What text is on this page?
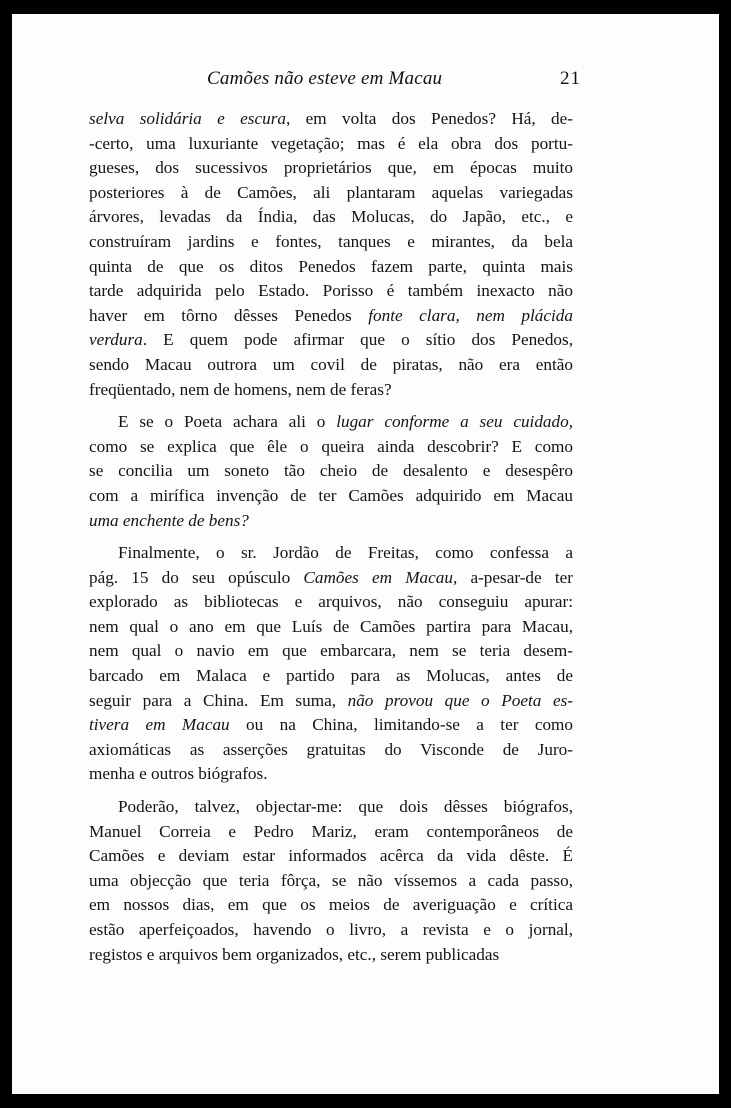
Camões não esteve em Macau	21
selva solidária e escura, em volta dos Penedos? Há, de-
-certo, uma luxuriante vegetação; mas é ela obra dos portu-
gueses, dos sucessivos proprietários que, em épocas muito
posteriores à de Camões, ali plantaram aquelas variegadas
árvores, levadas da Índia, das Molucas, do Japão, etc., e
construíram jardins e fontes, tanques e mirantes, da bela
quinta de que os ditos Penedos fazem parte, quinta mais
tarde adquirida pelo Estado. Porisso é também inexacto não
haver em tôrno dêsses Penedos fonte clara, nem plácida
verdura. E quem pode afirmar que o sítio dos Penedos,
sendo Macau outrora um covil de piratas, não era então
freqüentado, nem de homens, nem de feras?
E se o Poeta achara ali o lugar conforme a seu cuidado,
como se explica que êle o queira ainda descobrir? E como
se concilia um soneto tão cheio de desalento e desespêro
com a mirífica invenção de ter Camões adquirido em Macau
uma enchente de bens?
Finalmente, o sr. Jordão de Freitas, como confessa a
pág. 15 do seu opúsculo Camões em Macau, a-pesar-de ter
explorado as bibliotecas e arquivos, não conseguiu apurar:
nem qual o ano em que Luís de Camões partira para Macau,
nem qual o navio em que embarcara, nem se teria desem-
barcado em Malaca e partido para as Molucas, antes de
seguir para a China. Em suma, não provou que o Poeta es-
tivera em Macau ou na China, limitando-se a ter como
axiomáticas as asserções gratuitas do Visconde de Juro-
menha e outros biógrafos.
Poderão, talvez, objectar-me: que dois dêsses biógrafos,
Manuel Correia e Pedro Mariz, eram contemporâneos de
Camões e deviam estar informados acêrca da vida dêste. É
uma objecção que teria fôrça, se não víssemos a cada passo,
em nossos dias, em que os meios de averiguação e crítica
estão aperfeiçoados, havendo o livro, a revista e o jornal,
registos e arquivos bem organizados, etc., serem publicadas
